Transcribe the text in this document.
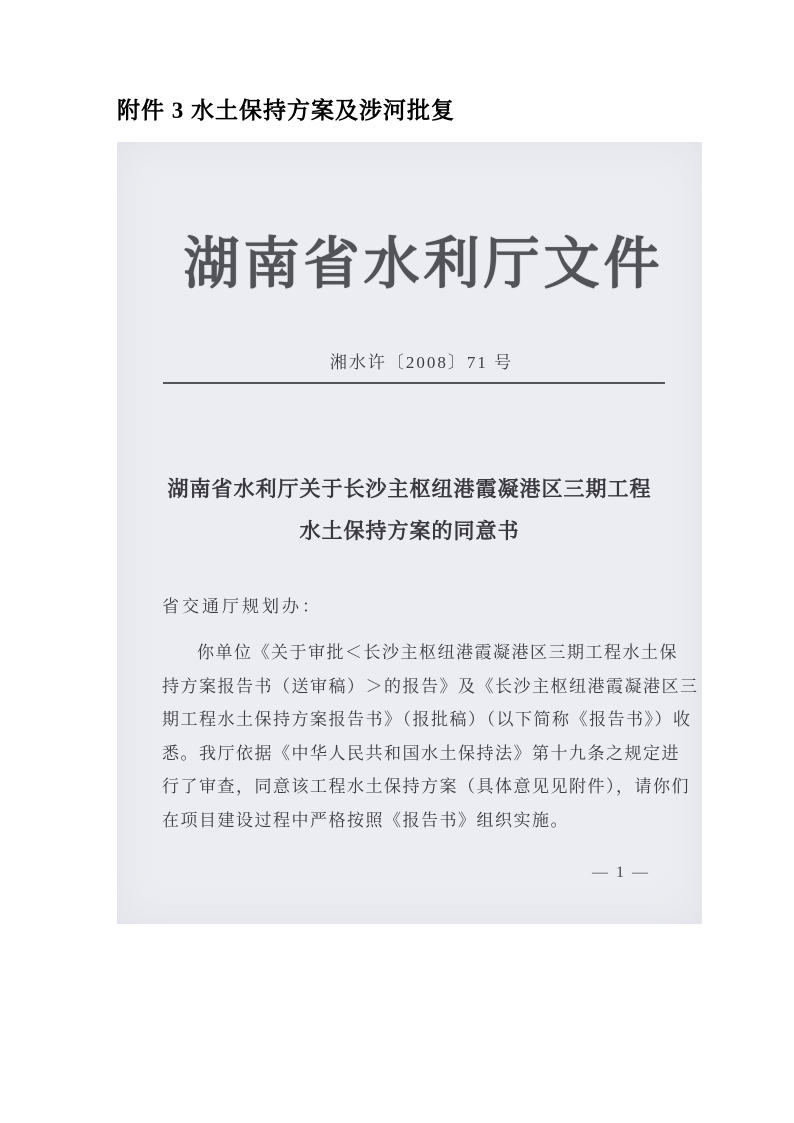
附件 3 水土保持方案及涉河批复
湖南省水利厅文件
湘水许〔2008〕71 号
湖南省水利厅关于长沙主枢纽港霞凝港区三期工程
水土保持方案的同意书
省交通厅规划办：
你单位《关于审批＜长沙主枢纽港霞凝港区三期工程水土保
持方案报告书（送审稿）＞的报告》及《长沙主枢纽港霞凝港区三
期工程水土保持方案报告书》（报批稿）（以下简称《报告书》）收
悉。我厅依据《中华人民共和国水土保持法》第十九条之规定进
行了审查，同意该工程水土保持方案（具体意见见附件），请你们
在项目建设过程中严格按照《报告书》组织实施。
— 1 —
